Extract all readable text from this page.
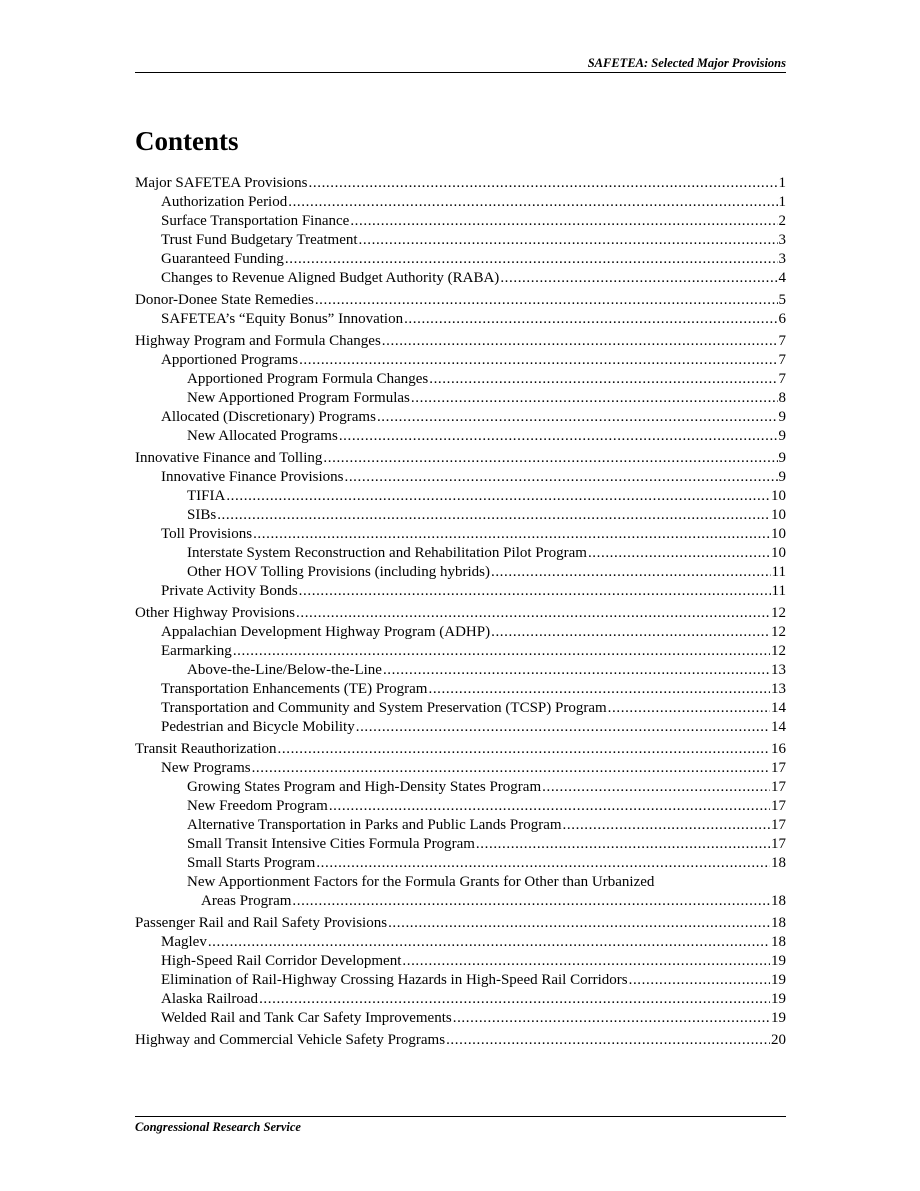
SAFETEA: Selected Major Provisions
Contents
Major SAFETEA Provisions .....	1
Authorization Period .....	1
Surface Transportation Finance .....	2
Trust Fund Budgetary Treatment .....	3
Guaranteed Funding .....	3
Changes to Revenue Aligned Budget Authority (RABA) .....	4
Donor-Donee State Remedies .....	5
SAFETEA’s “Equity Bonus” Innovation .....	6
Highway Program and Formula Changes .....	7
Apportioned Programs .....	7
Apportioned Program Formula Changes .....	7
New Apportioned Program Formulas .....	8
Allocated (Discretionary) Programs .....	9
New Allocated Programs .....	9
Innovative Finance and Tolling .....	9
Innovative Finance Provisions .....	9
TIFIA .....	10
SIBs .....	10
Toll Provisions .....	10
Interstate System Reconstruction and Rehabilitation Pilot Program .....	10
Other HOV Tolling Provisions (including hybrids) .....	11
Private Activity Bonds .....	11
Other Highway Provisions .....	12
Appalachian Development Highway Program (ADHP) .....	12
Earmarking .....	12
Above-the-Line/Below-the-Line .....	13
Transportation Enhancements (TE) Program .....	13
Transportation and Community and System Preservation (TCSP) Program .....	14
Pedestrian and Bicycle Mobility .....	14
Transit Reauthorization .....	16
New Programs .....	17
Growing States Program and High-Density States Program .....	17
New Freedom Program .....	17
Alternative Transportation in Parks and Public Lands Program .....	17
Small Transit Intensive Cities Formula Program .....	17
Small Starts Program .....	18
New Apportionment Factors for the Formula Grants for Other than Urbanized
Areas Program .....	18
Passenger Rail and Rail Safety Provisions .....	18
Maglev .....	18
High-Speed Rail Corridor Development .....	19
Elimination of Rail-Highway Crossing Hazards in High-Speed Rail Corridors .....	19
Alaska Railroad .....	19
Welded Rail and Tank Car Safety Improvements .....	19
Highway and Commercial Vehicle Safety Programs .....	20
Congressional Research Service
